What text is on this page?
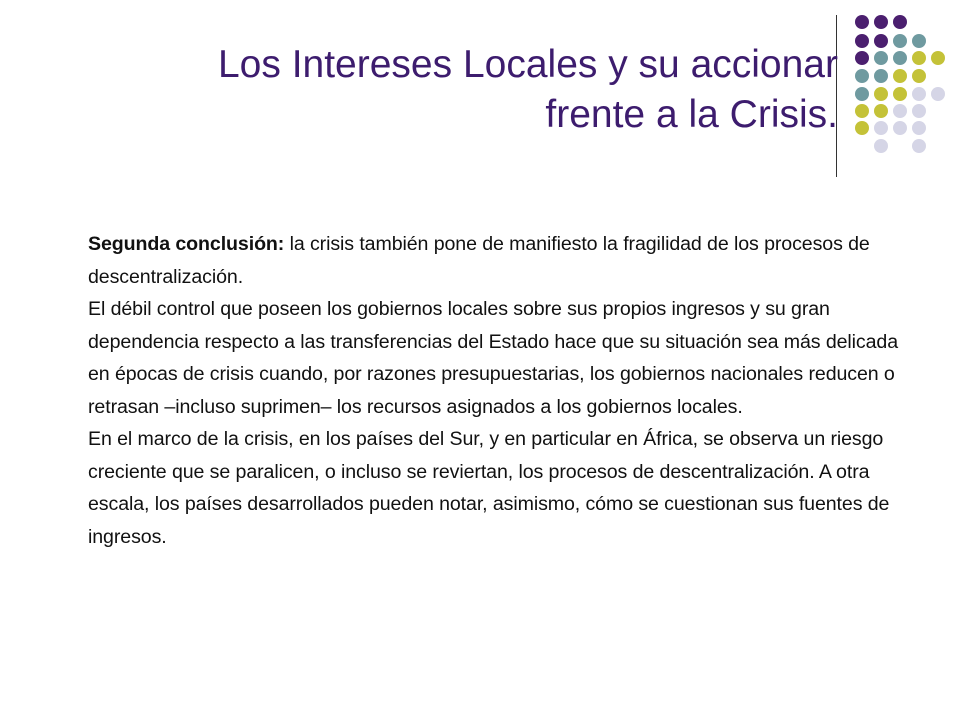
Los Intereses Locales y su accionar
frente a la Crisis.

Segunda conclusión: la crisis también pone de manifiesto la fragilidad de los procesos de descentralización.

El débil control que poseen los gobiernos locales sobre sus propios ingresos y su gran dependencia respecto a las transferencias del Estado hace que su situación sea más delicada en épocas de crisis cuando, por razones presupuestarias, los gobiernos nacionales reducen o retrasan –incluso suprimen– los recursos asignados a los gobiernos locales.

En el marco de la crisis, en los países del Sur, y en particular en África, se observa un riesgo creciente que se paralicen, o incluso se reviertan, los procesos de descentralización. A otra escala, los países desarrollados pueden notar, asimismo, cómo se cuestionan sus fuentes de ingresos.
